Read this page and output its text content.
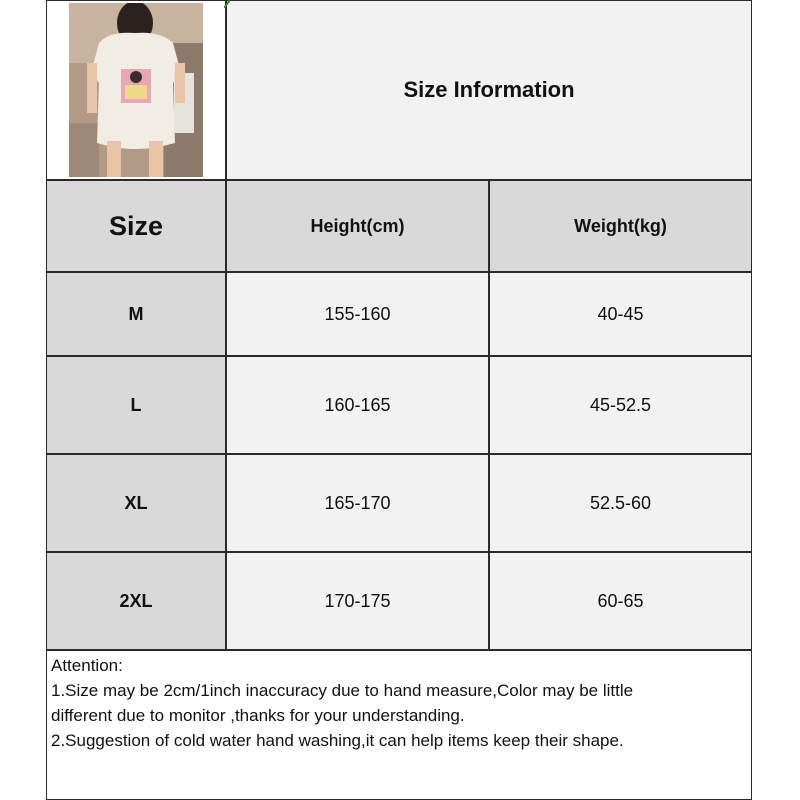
Size Information
Size	Height(cm)	Weight(kg)
M	155-160	40-45
L	160-165	45-52.5
XL	165-170	52.5-60
2XL	170-175	60-65
Attention:
1.Size may be 2cm/1inch inaccuracy due to hand measure,Color may be little
different due to monitor ,thanks for your understanding.
2.Suggestion of cold water hand washing,it can help items keep their shape.
